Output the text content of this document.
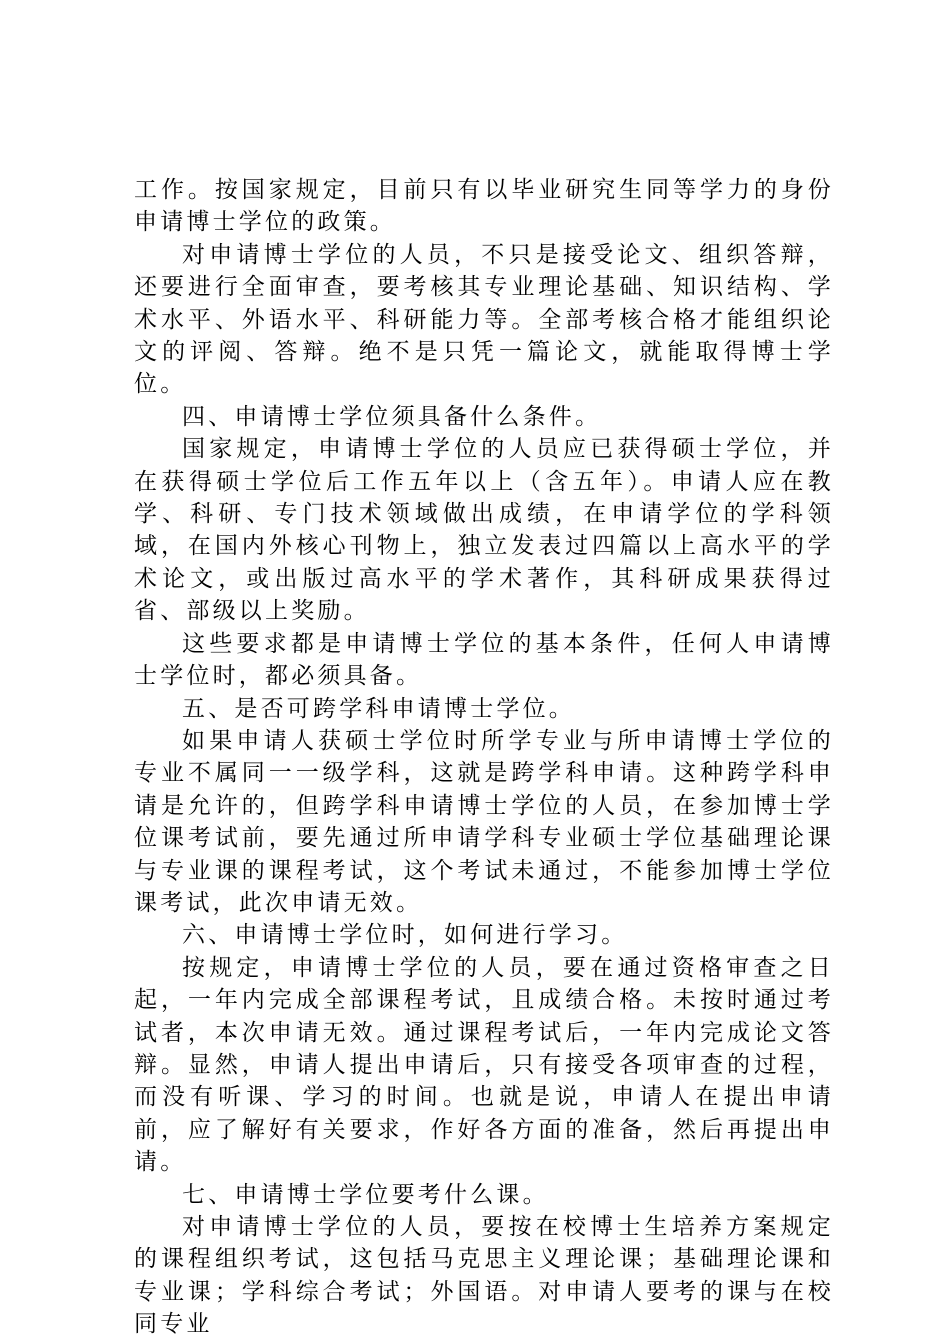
工作。按国家规定，目前只有以毕业研究生同等学力的身份申请博士学位的政策。

对申请博士学位的人员，不只是接受论文、组织答辩，还要进行全面审查，要考核其专业理论基础、知识结构、学术水平、外语水平、科研能力等。全部考核合格才能组织论文的评阅、答辩。绝不是只凭一篇论文，就能取得博士学位。

四、申请博士学位须具备什么条件。

国家规定，申请博士学位的人员应已获得硕士学位，并在获得硕士学位后工作五年以上（含五年）。申请人应在教学、科研、专门技术领域做出成绩，在申请学位的学科领域，在国内外核心刊物上，独立发表过四篇以上高水平的学术论文，或出版过高水平的学术著作，其科研成果获得过省、部级以上奖励。

这些要求都是申请博士学位的基本条件，任何人申请博士学位时，都必须具备。

五、是否可跨学科申请博士学位。

如果申请人获硕士学位时所学专业与所申请博士学位的专业不属同一一级学科，这就是跨学科申请。这种跨学科申请是允许的，但跨学科申请博士学位的人员，在参加博士学位课考试前，要先通过所申请学科专业硕士学位基础理论课与专业课的课程考试，这个考试未通过，不能参加博士学位课考试，此次申请无效。

六、申请博士学位时，如何进行学习。

按规定，申请博士学位的人员，要在通过资格审查之日起，一年内完成全部课程考试，且成绩合格。未按时通过考试者，本次申请无效。通过课程考试后，一年内完成论文答辩。显然，申请人提出申请后，只有接受各项审查的过程，而没有听课、学习的时间。也就是说，申请人在提出申请前，应了解好有关要求，作好各方面的准备，然后再提出申请。

七、申请博士学位要考什么课。

对申请博士学位的人员，要按在校博士生培养方案规定的课程组织考试，这包括马克思主义理论课；基础理论课和专业课；学科综合考试；外国语。对申请人要考的课与在校同专业
